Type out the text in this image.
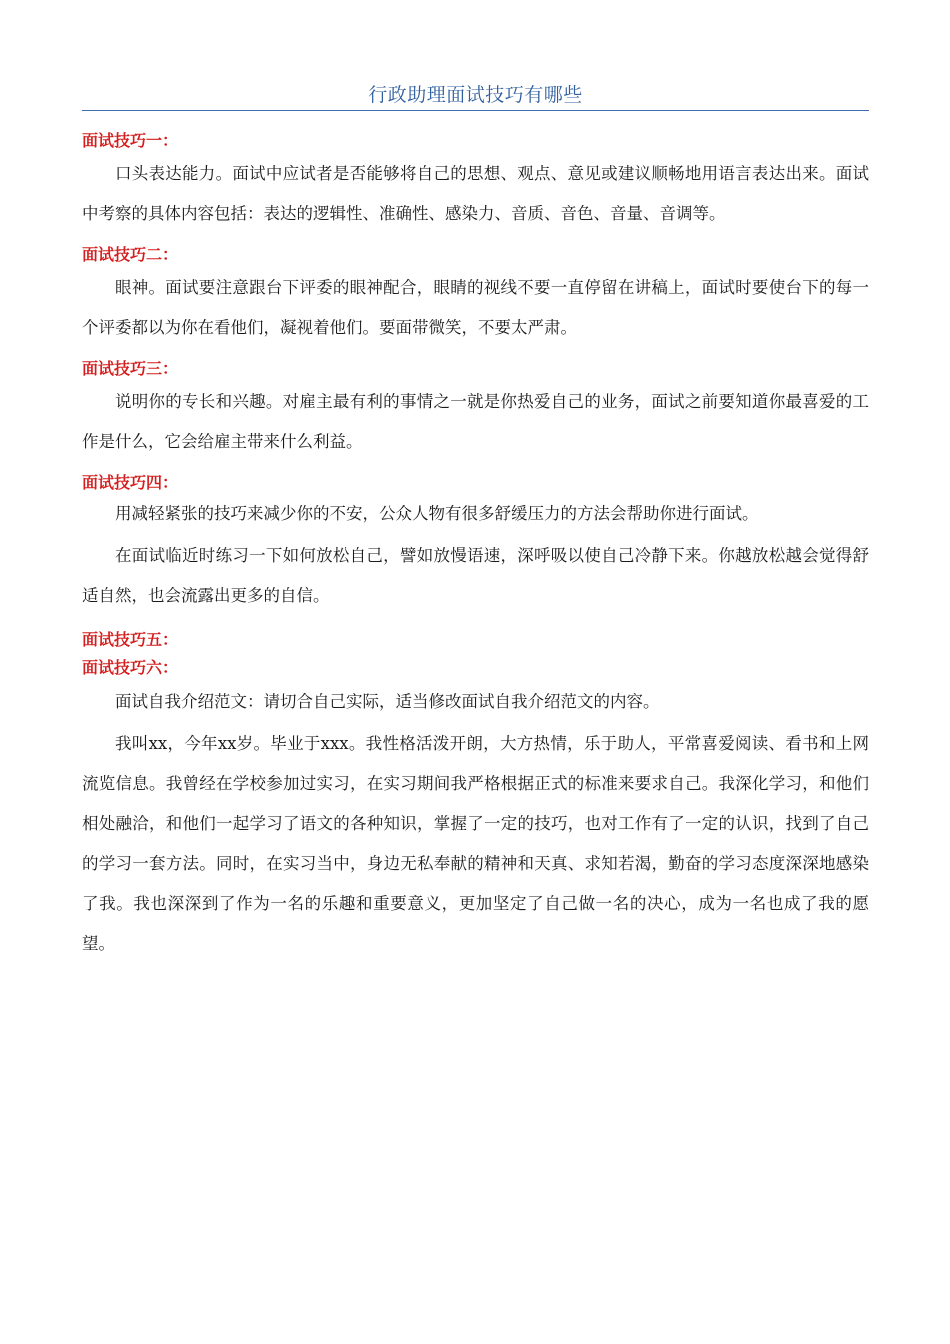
行政助理面试技巧有哪些
面试技巧一：

口头表达能力。面试中应试者是否能够将自己的思想、观点、意见或建议顺畅地用语言表达出来。面试中考察的具体内容包括：表达的逻辑性、准确性、感染力、音质、音色、音量、音调等。

面试技巧二：

眼神。面试要注意跟台下评委的眼神配合，眼睛的视线不要一直停留在讲稿上，面试时要使台下的每一个评委都以为你在看他们，凝视着他们。要面带微笑，不要太严肃。

面试技巧三：

说明你的专长和兴趣。对雇主最有利的事情之一就是你热爱自己的业务，面试之前要知道你最喜爱的工作是什么，它会给雇主带来什么利益。

面试技巧四：

用减轻紧张的技巧来减少你的不安，公众人物有很多舒缓压力的方法会帮助你进行面试。

在面试临近时练习一下如何放松自己，譬如放慢语速，深呼吸以使自己冷静下来。你越放松越会觉得舒适自然，也会流露出更多的自信。

面试技巧五：
面试技巧六：

面试自我介绍范文：请切合自己实际，适当修改面试自我介绍范文的内容。

我叫xx，今年xx岁。毕业于xxx。我性格活泼开朗，大方热情，乐于助人，平常喜爱阅读、看书和上网流览信息。我曾经在学校参加过实习，在实习期间我严格根据正式的标准来要求自己。我深化学习，和他们相处融洽，和他们一起学习了语文的各种知识，掌握了一定的技巧，也对工作有了一定的认识，找到了自己的学习一套方法。同时，在实习当中，身边无私奉献的精神和天真、求知若渴，勤奋的学习态度深深地感染了我。我也深深到了作为一名的乐趣和重要意义，更加坚定了自己做一名的决心，成为一名也成了我的愿望。
